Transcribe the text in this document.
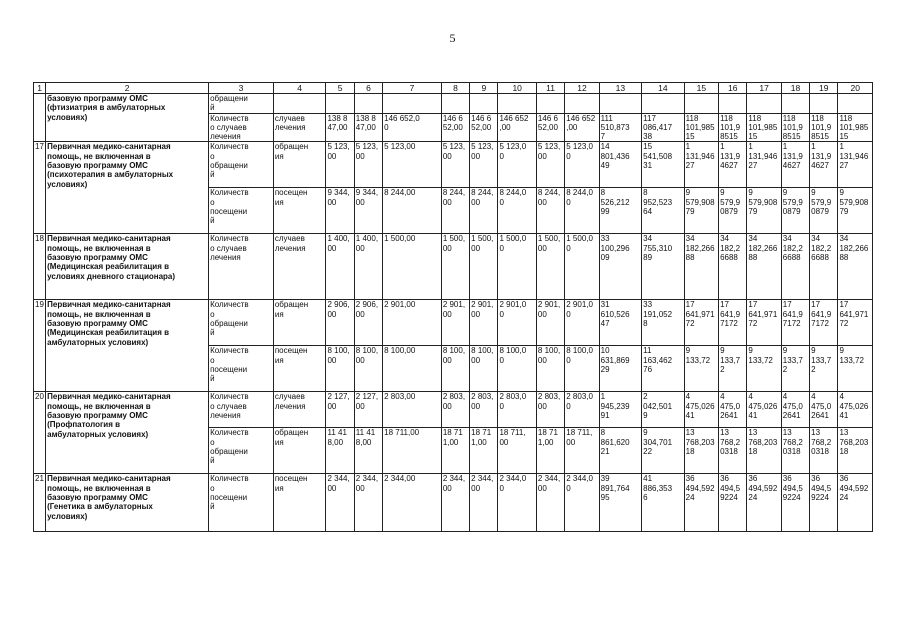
5
1	2	3	4	5	6	7	8	9	10	11	12	13	14	15	16	17	18	19	20
	базовую программу ОМС
(фтизиатрия в амбулаторных
условиях)	обращени
й																	
		Количеств
о случаев
лечения	случаев
лечения	138 8
47,00	138 8
47,00	146 652,0
0	146 6
52,00	146 6
52,00	146 652
,00	146 6
52,00	146 652
,00	111
510,873
7	117
086,417
38	118
101,985
15	118
101,9
8515	118
101,985
15	118
101,9
8515	118
101,9
8515	118
101,985
15
17	Первичная медико-санитарная
помощь, не включенная в
базовую программу ОМС
(психотерапия в амбулаторных
условиях)	Количеств
о
обращени
й	обращен
ия	5 123,
00	5 123,
00	5 123,00	5 123,
00	5 123,
00	5 123,0
0	5 123,
00	5 123,0
0	14
801,436
49	15
541,508
31	1
131,946
27	1
131,9
4627	1
131,946
27	1
131,9
4627	1
131,9
4627	1
131,946
27
		Количеств
о
посещени
й	посещен
ия	9 344,
00	9 344,
00	8 244,00	8 244,
00	8 244,
00	8 244,0
0	8 244,
00	8 244,0
0	8
526,212
99	8
952,523
64	9
579,908
79	9
579,9
0879	9
579,908
79	9
579,9
0879	9
579,9
0879	9
579,908
79
18	Первичная медико-санитарная
помощь, не включенная в
базовую программу ОМС
(Медицинская реабилитация в
условиях дневного стационара)	Количеств
о случаев
лечения	случаев
лечения	1 400,
00	1 400,
00	1 500,00	1 500,
00	1 500,
00	1 500,0
0	1 500,
00	1 500,0
0	33
100,296
09	34
755,310
89	34
182,266
88	34
182,2
6688	34
182,266
88	34
182,2
6688	34
182,2
6688	34
182,266
88
19	Первичная медико-санитарная
помощь, не включенная в
базовую программу ОМС
(Медицинская реабилитация в
амбулаторных условиях)	Количеств
о
обращени
й	обращен
ия	2 906,
00	2 906,
00	2 901,00	2 901,
00	2 901,
00	2 901,0
0	2 901,
00	2 901,0
0	31
610,526
47	33
191,052
8	17
641,971
72	17
641,9
7172	17
641,971
72	17
641,9
7172	17
641,9
7172	17
641,971
72
		Количеств
о
посещени
й	посещен
ия	8 100,
00	8 100,
00	8 100,00	8 100,
00	8 100,
00	8 100,0
0	8 100,
00	8 100,0
0	10
631,869
29	11
163,462
76	9
133,72	9
133,7
2	9
133,72	9
133,7
2	9
133,7
2	9
133,72
20	Первичная медико-санитарная
помощь, не включенная в
базовую программу ОМС
(Профпатология в
амбулаторных условиях)	Количеств
о случаев
лечения	случаев
лечения	2 127,
00	2 127,
00	2 803,00	2 803,
00	2 803,
00	2 803,0
0	2 803,
00	2 803,0
0	1
945,239
91	2
042,501
9	4
475,026
41	4
475,0
2641	4
475,026
41	4
475,0
2641	4
475,0
2641	4
475,026
41
		Количеств
о
обращени
й	обращен
ия	11 41
8,00	11 41
8,00	18 711,00	18 71
1,00	18 71
1,00	18 711,
00	18 71
1,00	18 711,
00	8
861,620
21	9
304,701
22	13
768,203
18	13
768,2
0318	13
768,203
18	13
768,2
0318	13
768,2
0318	13
768,203
18
21	Первичная медико-санитарная
помощь, не включенная в
базовую программу ОМС
(Генетика в амбулаторных
условиях)	Количеств
о
посещени
й	посещен
ия	2 344,
00	2 344,
00	2 344,00	2 344,
00	2 344,
00	2 344,0
0	2 344,
00	2 344,0
0	39
891,764
95	41
886,353
6	36
494,592
24	36
494,5
9224	36
494,592
24	36
494,5
9224	36
494,5
9224	36
494,592
24
